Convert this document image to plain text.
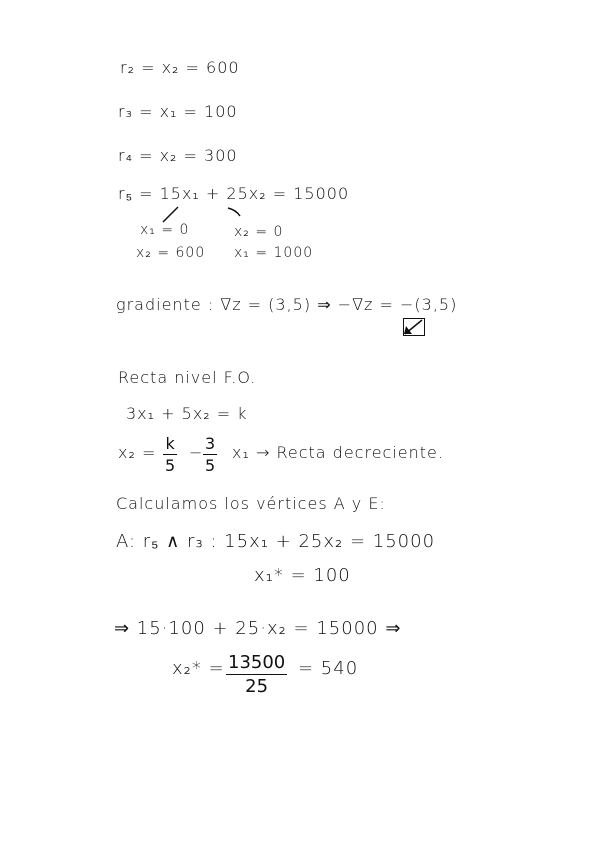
r₂ = x₂ = 600
r₃ = x₁ = 100
r₄ = x₂ = 300
r₅ = 15x₁ + 25x₂ = 15000
x₁ = 0
x₂ = 600
x₂ = 0
x₁ = 1000
gradiente : ∇z = (3,5) ⇒ −∇z = −(3,5)
Recta nivel F.O.
3x₁ + 5x₂ = k
x₂ = k
5
− 3
5
x₁ → Recta decreciente.
Calculamos los vértices A y E:
A: r₅ ∧ r₃ : 15x₁ + 25x₂ = 15000
x₁* = 100
⇒ 15·100 + 25·x₂ = 15000 ⇒
x₂* = 13500
25
= 540
